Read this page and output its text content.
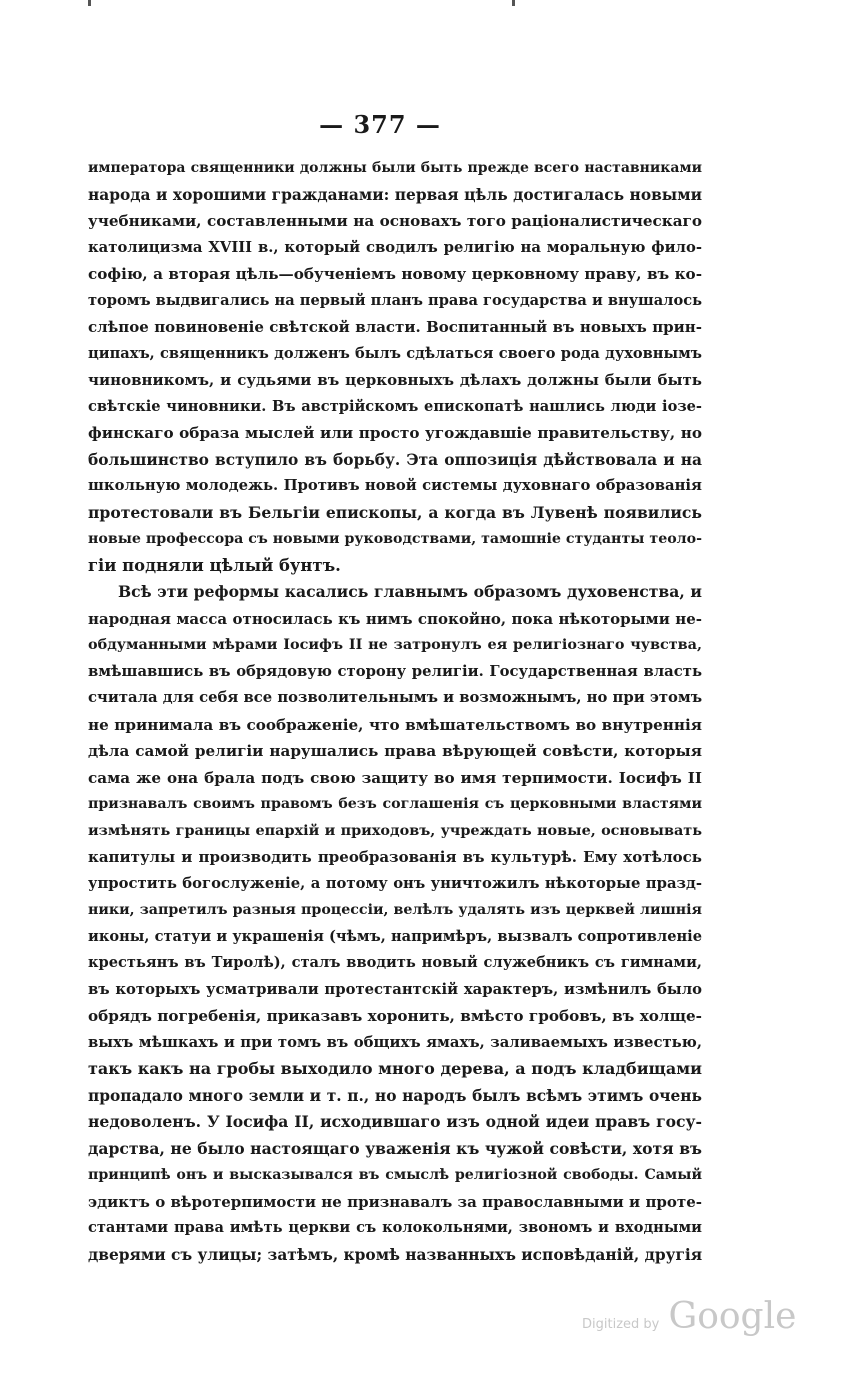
— 377 —
императора священники должны были быть прежде всего наставниками
народа и хорошими гражданами: первая цѣль достигалась новыми
учебниками, составленными на основахъ того раціоналистическаго
католицизма XVIII в., который сводилъ религію на моральную фило-
софію, а вторая цѣль—обученіемъ новому церковному праву, въ ко-
торомъ выдвигались на первый планъ права государства и внушалось
слѣпое повиновеніе свѣтской власти. Воспитанный въ новыхъ прин-
ципахъ, священникъ долженъ былъ сдѣлаться своего рода духовнымъ
чиновникомъ, и судьями въ церковныхъ дѣлахъ должны были быть
свѣтскіе чиновники. Въ австрійскомъ епископатѣ нашлись люди іозе-
финскаго образа мыслей или просто угождавшіе правительству, но
большинство вступило въ борьбу. Эта оппозиція дѣйствовала и на
школьную молодежь. Противъ новой системы духовнаго образованія
протестовали въ Бельгіи епископы, а когда въ Лувенѣ появились
новые профессора съ новыми руководствами, тамошніе студанты теоло-
гіи подняли цѣлый бунтъ.
Всѣ эти реформы касались главнымъ образомъ духовенства, и
народная масса относилась къ нимъ спокойно, пока нѣкоторыми не-
обдуманными мѣрами Іосифъ II не затронулъ ея религіознаго чувства,
вмѣшавшись въ обрядовую сторону религіи. Государственная власть
считала для себя все позволительнымъ и возможнымъ, но при этомъ
не принимала въ соображеніе, что вмѣшательствомъ во внутреннія
дѣла самой религіи нарушались права вѣрующей совѣсти, которыя
сама же она брала подъ свою защиту во имя терпимости. Іосифъ II
признавалъ своимъ правомъ безъ соглашенія съ церковными властями
измѣнять границы епархій и приходовъ, учреждать новые, основывать
капитулы и производить преобразованія въ культурѣ. Ему хотѣлось
упростить богослуженіе, а потому онъ уничтожилъ нѣкоторые празд-
ники, запретилъ разныя процессіи, велѣлъ удалять изъ церквей лишнія
иконы, статуи и украшенія (чѣмъ, напримѣръ, вызвалъ сопротивленіе
крестьянъ въ Тиролѣ), сталъ вводить новый служебникъ съ гимнами,
въ которыхъ усматривали протестантскій характеръ, измѣнилъ было
обрядъ погребенія, приказавъ хоронить, вмѣсто гробовъ, въ холще-
выхъ мѣшкахъ и при томъ въ общихъ ямахъ, заливаемыхъ известью,
такъ какъ на гробы выходило много дерева, а подъ кладбищами
пропадало много земли и т. п., но народъ былъ всѣмъ этимъ очень
недоволенъ. У Іосифа II, исходившаго изъ одной идеи правъ госу-
дарства, не было настоящаго уваженія къ чужой совѣсти, хотя въ
принципѣ онъ и высказывался въ смыслѣ религіозной свободы. Самый
эдиктъ о вѣротерпимости не признавалъ за православными и проте-
стантами права имѣть церкви съ колокольнями, звономъ и входными
дверями съ улицы; затѣмъ, кромѣ названныхъ исповѣданій, другія
Digitized by Google
